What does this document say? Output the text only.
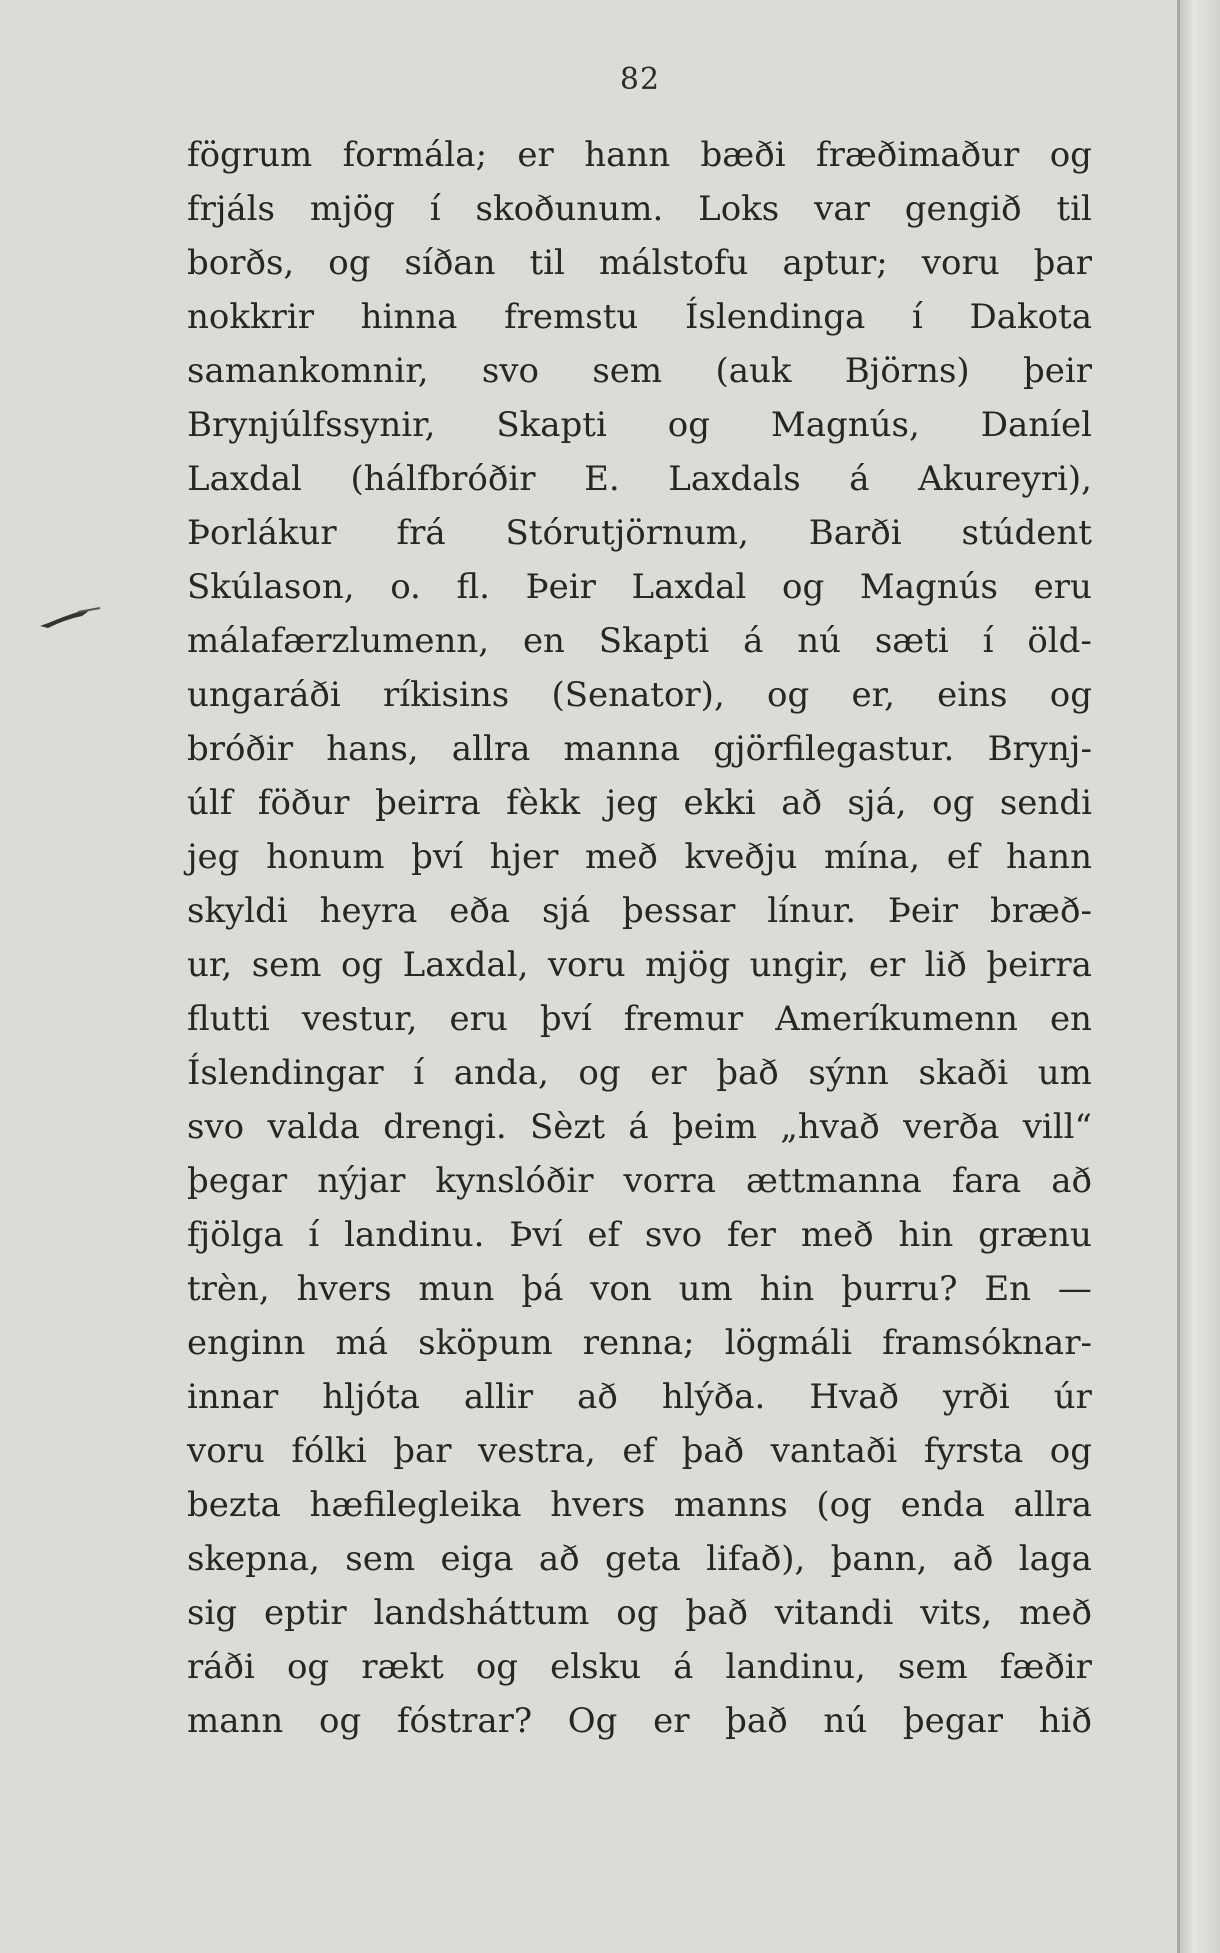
82
fögrum formála; er hann bæði fræðimaður og
frjáls mjög í skoðunum. Loks var gengið til
borðs, og síðan til málstofu aptur; voru þar
nokkrir hinna fremstu Íslendinga í Dakota
samankomnir, svo sem (auk Björns) þeir
Brynjúlfssynir, Skapti og Magnús, Daníel
Laxdal (hálfbróðir E. Laxdals á Akureyri),
Þorlákur frá Stórutjörnum, Barði stúdent
Skúlason, o. fl. Þeir Laxdal og Magnús eru
málafærzlumenn, en Skapti á nú sæti í öld-
ungaráði ríkisins (Senator), og er, eins og
bróðir hans, allra manna gjörfilegastur. Brynj-
úlf föður þeirra fèkk jeg ekki að sjá, og sendi
jeg honum því hjer með kveðju mína, ef hann
skyldi heyra eða sjá þessar línur. Þeir bræð-
ur, sem og Laxdal, voru mjög ungir, er lið þeirra
flutti vestur, eru því fremur Ameríkumenn en
Íslendingar í anda, og er það sýnn skaði um
svo valda drengi. Sèzt á þeim „hvað verða vill“
þegar nýjar kynslóðir vorra ættmanna fara að
fjölga í landinu. Því ef svo fer með hin grænu
trèn, hvers mun þá von um hin þurru? En —
enginn má sköpum renna; lögmáli framsóknar-
innar hljóta allir að hlýða. Hvað yrði úr
voru fólki þar vestra, ef það vantaði fyrsta og
bezta hæfilegleika hvers manns (og enda allra
skepna, sem eiga að geta lifað), þann, að laga
sig eptir landsháttum og það vitandi vits, með
ráði og rækt og elsku á landinu, sem fæðir
mann og fóstrar? Og er það nú þegar hið
